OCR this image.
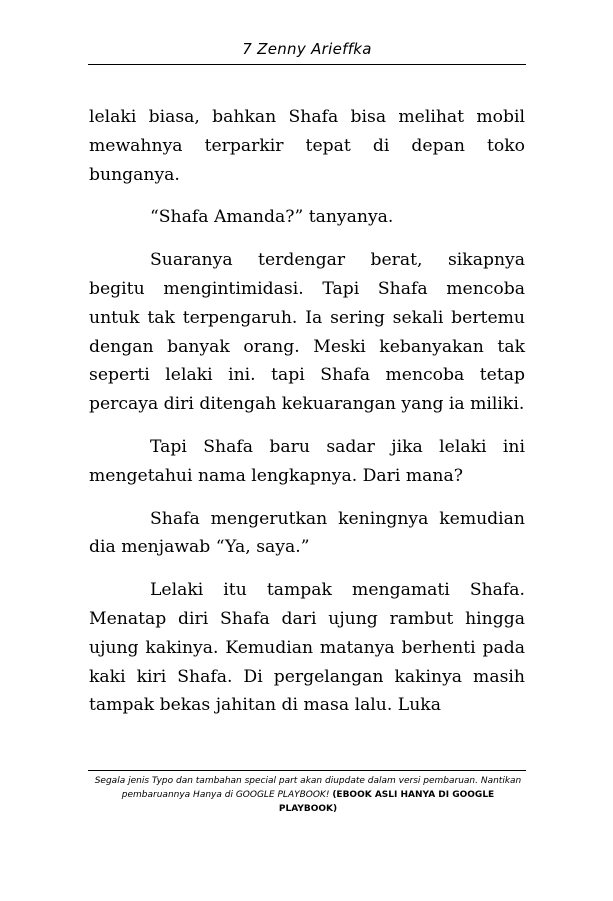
7 Zenny Arieffka

lelaki biasa, bahkan Shafa bisa melihat mobil mewahnya terparkir tepat di depan toko bunganya.

“Shafa Amanda?” tanyanya.

Suaranya terdengar berat, sikapnya begitu mengintimidasi. Tapi Shafa mencoba untuk tak terpengaruh. Ia sering sekali bertemu dengan banyak orang. Meski kebanyakan tak seperti lelaki ini. tapi Shafa mencoba tetap percaya diri ditengah kekuarangan yang ia miliki.

Tapi Shafa baru sadar jika lelaki ini mengetahui nama lengkapnya. Dari mana?

Shafa mengerutkan keningnya kemudian dia menjawab “Ya, saya.”

Lelaki itu tampak mengamati Shafa. Menatap diri Shafa dari ujung rambut hingga ujung kakinya. Kemudian matanya berhenti pada kaki kiri Shafa. Di pergelangan kakinya masih tampak bekas jahitan di masa lalu. Luka

Segala jenis Typo dan tambahan special part akan diupdate dalam versi pembaruan. Nantikan
pembaruannya Hanya di GOOGLE PLAYBOOK! (EBOOK ASLI HANYA DI GOOGLE
PLAYBOOK)
